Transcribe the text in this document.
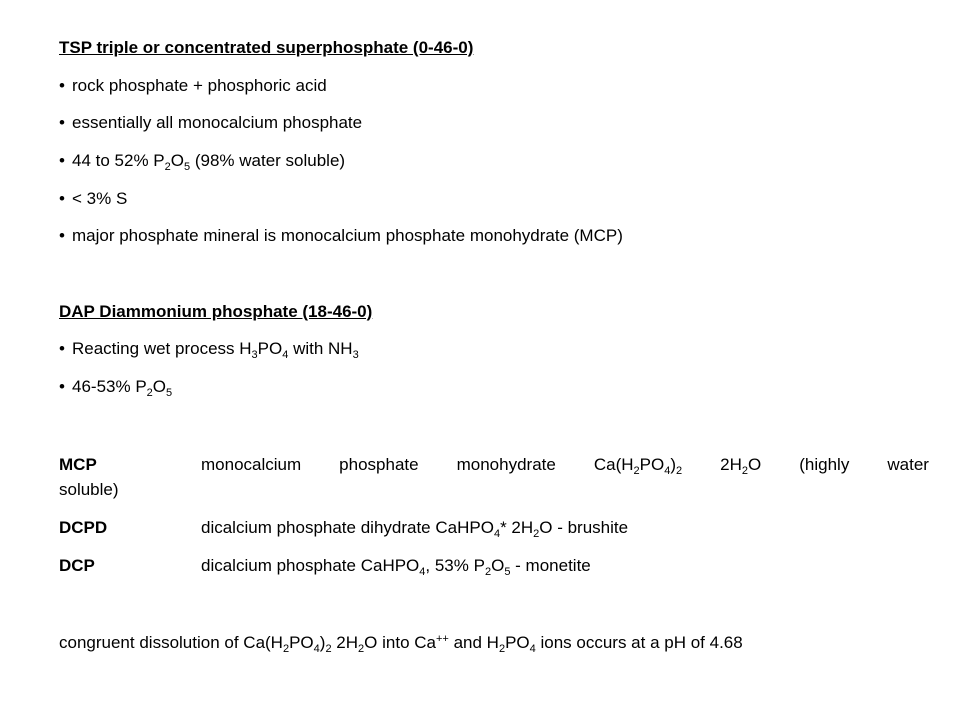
TSP triple or concentrated superphosphate (0-46-0)
• rock phosphate + phosphoric acid
• essentially all monocalcium phosphate
• 44 to 52% $P_2O_5$ (98% water soluble)
• < 3% S
• major phosphate mineral is monocalcium phosphate monohydrate (MCP)
DAP Diammonium phosphate (18-46-0)
• Reacting wet process $H_3PO_4$ with $NH_3$
• 46-53% $P_2O_5$
MCP	monocalcium phosphate monohydrate $Ca(H_2PO_4)_2$ $2H_2O$ (highly water
soluble)
DCPD	dicalcium phosphate dihydrate CaHPO$_4$* $2H_2O$ - brushite
DCP	dicalcium phosphate CaHPO$_4$, 53% $P_2O_5$ - monetite
congruent dissolution of $Ca(H_2PO_4)_2$ $2H_2O$ into Ca++ and $H_2PO_4$ ions occurs at a pH of 4.68
